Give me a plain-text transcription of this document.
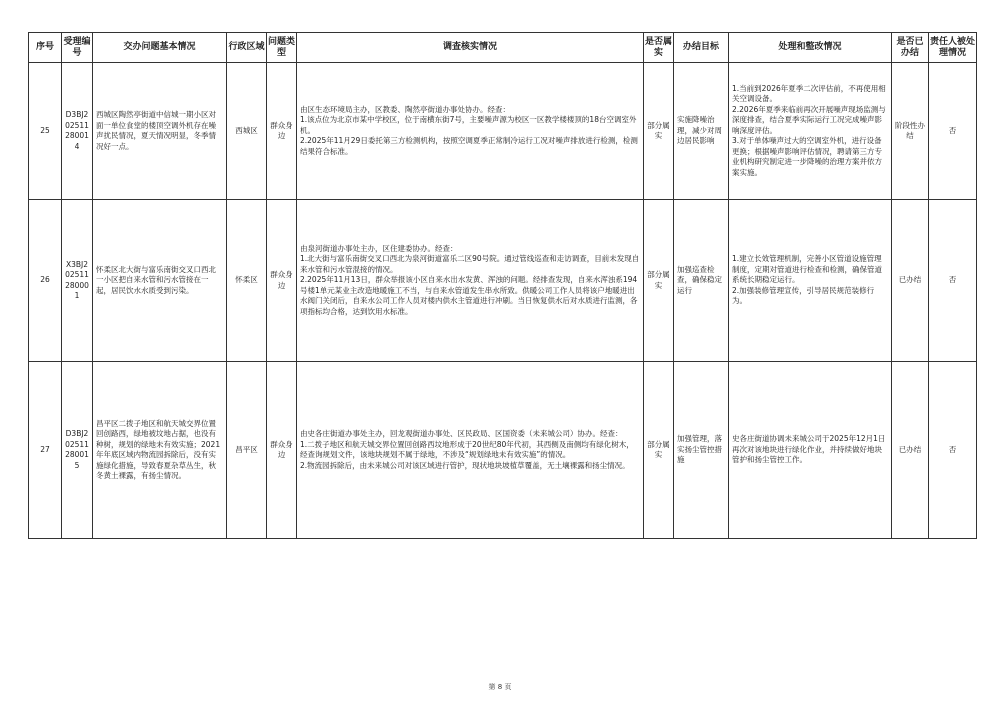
序号	受理编号	交办问题基本情况	行政区域	问题类型	调查核实情况	是否属实	办结目标	处理和整改情况	是否已办结	责任人被处理情况
25	D3BJ202511280014	西城区陶然亭街道中信城一期小区对面一单位食堂的楼顶空调外机存在噪声扰民情况，夏天情况明显，冬季情况好一点。	西城区	群众身边	由区生态环境局主办，区教委、陶然亭街道办事处协办。经查：
1.该点位为北京市某中学校区，位于南横东街7号，主要噪声源为校区一区教学楼楼顶的18台空调室外机。
2.2025年11月29日委托第三方检测机构，按照空调夏季正常制冷运行工况对噪声排放进行检测，检测结果符合标准。	部分属实	实施降噪治理，减少对周边居民影响	1.当前到2026年夏季二次评估前，不再使用相关空调设备。
2.2026年夏季来临前再次开展噪声现场监测与深度排查，结合夏季实际运行工况完成噪声影响深度评估。
3.对于单体噪声过大的空调室外机，进行设备更换；根据噪声影响评估情况，聘请第三方专业机构研究制定进一步降噪的治理方案并依方案实施。	阶段性办结	否
26	X3BJ202511280001	怀柔区北大街与富乐南街交叉口西北一小区把自来水管和污水管接在一起，居民饮水水质受到污染。	怀柔区	群众身边	由泉河街道办事处主办，区住建委协办。经查：
1.北大街与富乐南街交叉口西北为泉河街道富乐二区90号院。通过管线巡查和走访调查，目前未发现自来水管和污水管混接的情况。
2.2025年11月13日，群众举报该小区自来水出水发黄、浑浊的问题。经排查发现，自来水浑浊系194号楼1单元某业主改造地暖施工不当，与自来水管道发生串水所致。供暖公司工作人员将该户地暖进出水阀门关闭后，自来水公司工作人员对楼内供水主管道进行冲刷。当日恢复供水后对水质进行监测，各项指标均合格，达到饮用水标准。	部分属实	加强巡查检查，确保稳定运行	1.建立长效管理机制，完善小区管道设施管理制度，定期对管道进行检查和检测，确保管道系统长期稳定运行。
2.加强装修管理宣传，引导居民规范装修行为。	已办结	否
27	D3BJ202511280015	昌平区二拨子地区和航天城交界位置回创路西，绿地被坟地占据，也没有种树，规划的绿地未有效实施；2021年年底区域内物流园拆除后，没有实施绿化措施，导致春夏杂草丛生，秋冬黄土裸露，有扬尘情况。	昌平区	群众身边	由史各庄街道办事处主办，回龙观街道办事处、区民政局、区国资委（未来城公司）协办。经查：
1.二拨子地区和航天城交界位置回创路西坟地形成于20世纪80年代初，其西侧及南侧均有绿化树木，经查询规划文件，该地块规划不属于绿地，不涉及“规划绿地未有效实施”的情况。
2.物流园拆除后，由未来城公司对该区域进行管护，现状地块坡植草覆盖，无土壤裸露和扬尘情况。	部分属实	加强管理，落实扬尘管控措施	史各庄街道协调未来城公司于2025年12月1日再次对该地块进行绿化作业，并持续做好地块管护和扬尘管控工作。	已办结	否
第 8 页
